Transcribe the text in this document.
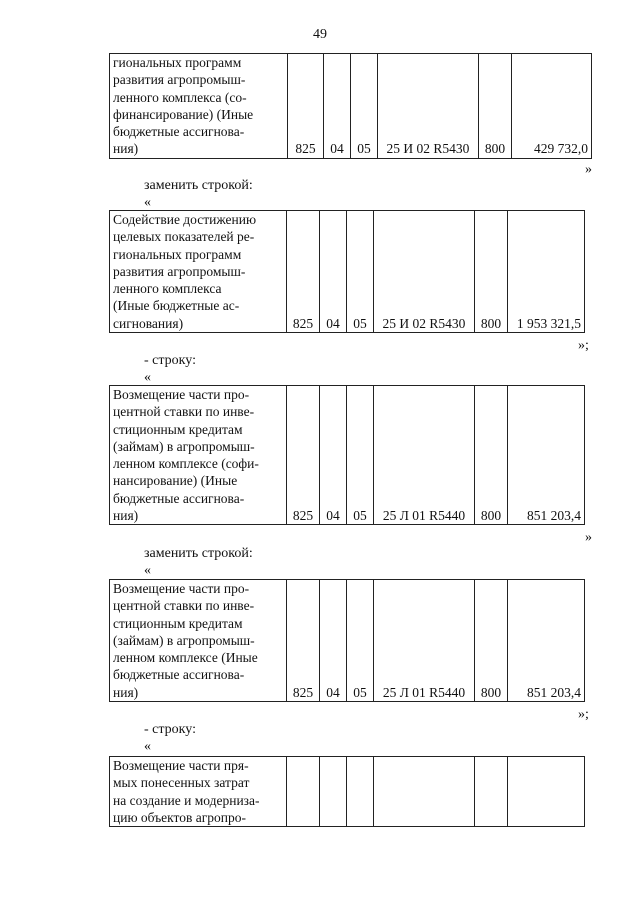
49
гиональных программ
развития агропромыш-
ленного комплекса (со-
финансирование) (Иные
бюджетные ассигнова-
ния)	825	04	05	25 И 02 R5430	800	429 732,0
»
заменить строкой:
«
Содействие достижению
целевых показателей ре-
гиональных программ
развития агропромыш-
ленного комплекса
(Иные бюджетные ас-
сигнования)	825	04	05	25 И 02 R5430	800	1 953 321,5
»;
- строку:
«
Возмещение части про-
центной ставки по инве-
стиционным кредитам
(займам) в агропромыш-
ленном комплексе (софи-
нансирование) (Иные
бюджетные ассигнова-
ния)	825	04	05	25 Л 01 R5440	800	851 203,4
»
заменить строкой:
«
Возмещение части про-
центной ставки по инве-
стиционным кредитам
(займам) в агропромыш-
ленном комплексе (Иные
бюджетные ассигнова-
ния)	825	04	05	25 Л 01 R5440	800	851 203,4
»;
- строку:
«
Возмещение части пря-
мых понесенных затрат
на создание и модерниза-
цию объектов агропро-
